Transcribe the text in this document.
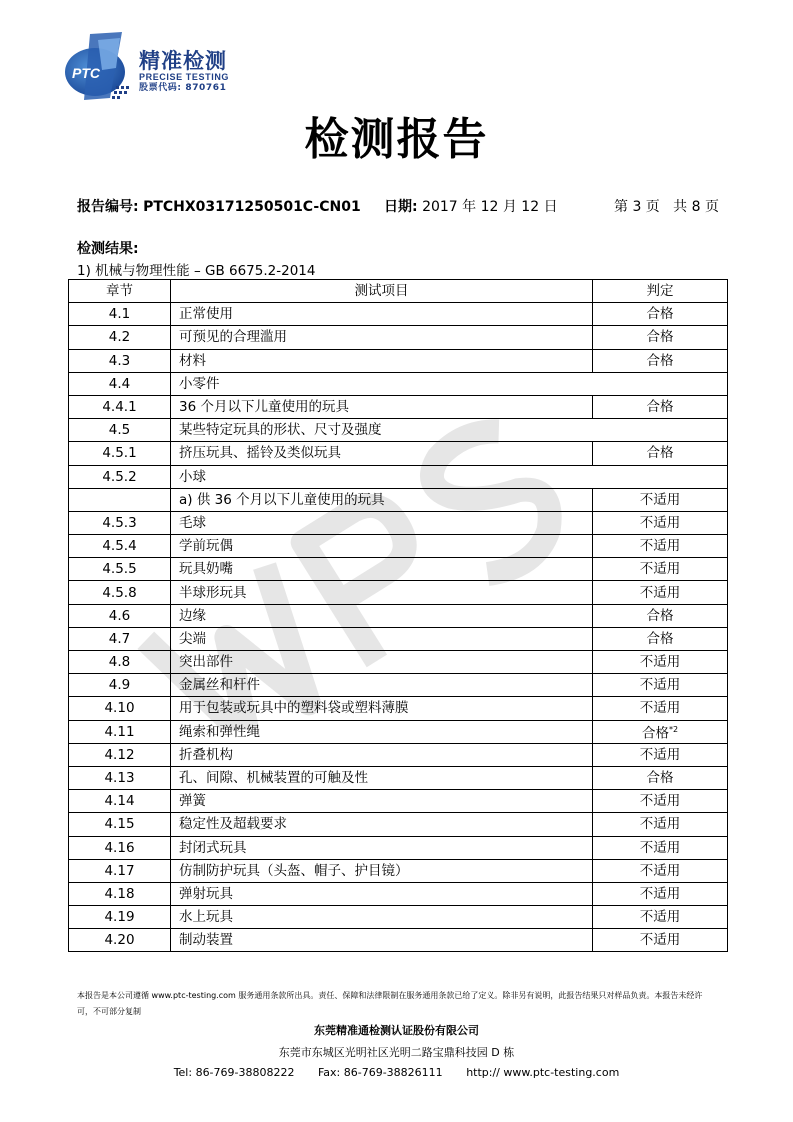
PTC 精准检测
PRECISE TESTING
股票代码: 870761
检测报告
报告编号: PTCHX03171250501C-CN01 日期: 2017 年 12 月 12 日	第 3 页   共 8 页
检测结果:
1) 机械与物理性能 – GB 6675.2-2014
章节	测试项目	判定
4.1	正常使用	合格
4.2	可预见的合理滥用	合格
4.3	材料	合格
4.4	小零件	
4.4.1	36 个月以下儿童使用的玩具	合格
4.5	某些特定玩具的形状、尺寸及强度	
4.5.1	挤压玩具、摇铃及类似玩具	合格
4.5.2	小球	
	a) 供 36 个月以下儿童使用的玩具	不适用
4.5.3	毛球	不适用
4.5.4	学前玩偶	不适用
4.5.5	玩具奶嘴	不适用
4.5.8	半球形玩具	不适用
4.6	边缘	合格
4.7	尖端	合格
4.8	突出部件	不适用
4.9	金属丝和杆件	不适用
4.10	用于包装或玩具中的塑料袋或塑料薄膜	不适用
4.11	绳索和弹性绳	合格$^{*2}$
4.12	折叠机构	不适用
4.13	孔、间隙、机械装置的可触及性	合格
4.14	弹簧	不适用
4.15	稳定性及超载要求	不适用
4.16	封闭式玩具	不适用
4.17	仿制防护玩具（头盔、帽子、护目镜）	不适用
4.18	弹射玩具	不适用
4.19	水上玩具	不适用
4.20	制动装置	不适用
本报告是本公司遵循 www.ptc-testing.com 服务通用条款所出具。责任、保障和法律限制在服务通用条款已给了定义。除非另有说明，此报告结果只对样品负责。本报告未经许可，不可部分复制
东莞精准通检测认证股份有限公司
东莞市东城区光明社区光明二路宝鼎科技园 D 栋
Tel: 86-769-38808222 Fax: 86-769-38826111 http:// www.ptc-testing.com
